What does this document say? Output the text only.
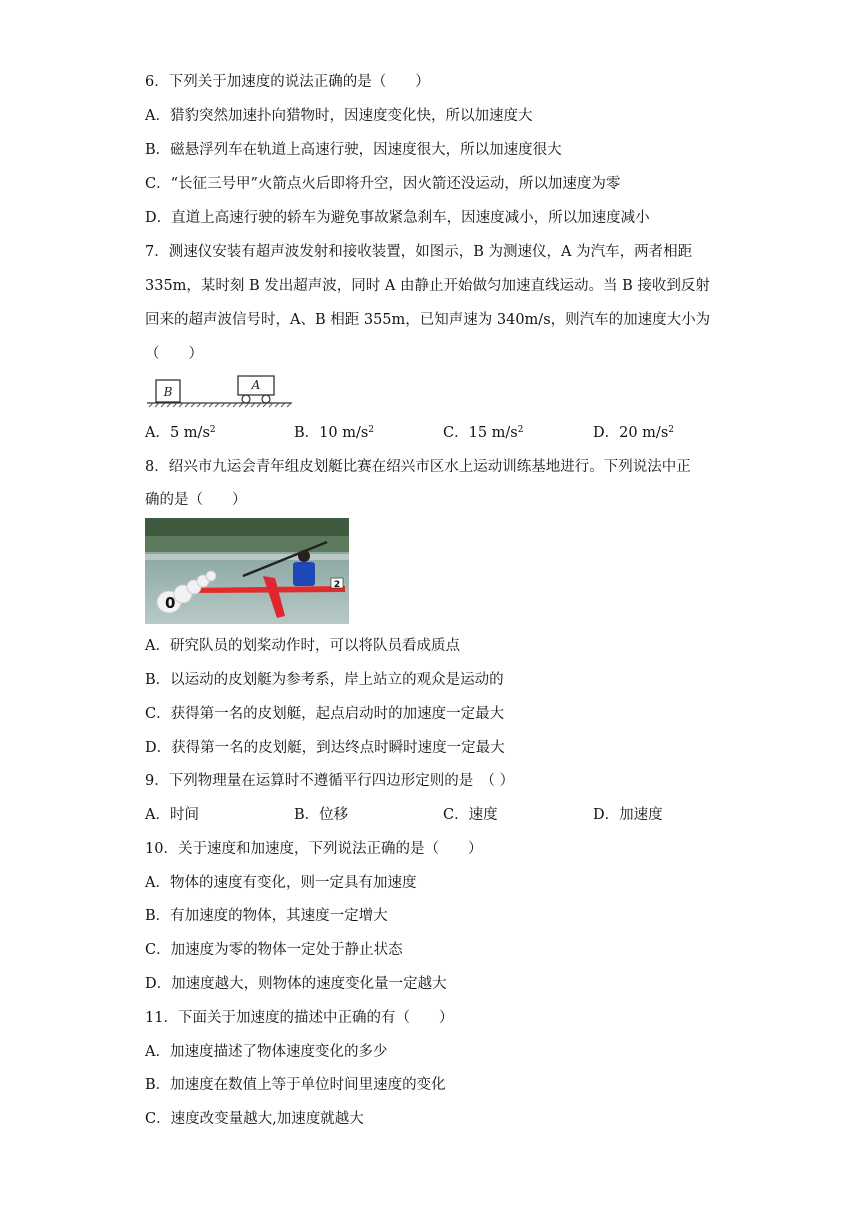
6．下列关于加速度的说法正确的是（　　）
A．猎豹突然加速扑向猎物时，因速度变化快，所以加速度大
B．磁悬浮列车在轨道上高速行驶，因速度很大，所以加速度很大
C．“长征三号甲”火箭点火后即将升空，因火箭还没运动，所以加速度为零
D．直道上高速行驶的轿车为避免事故紧急刹车，因速度减小，所以加速度减小
7．测速仪安装有超声波发射和接收装置，如图示，B 为测速仪，A 为汽车，两者相距
335m，某时刻 B 发出超声波，同时 A 由静止开始做匀加速直线运动。当 B 接收到反射
回来的超声波信号时，A、B 相距 355m，已知声速为 340m/s，则汽车的加速度大小为
（　　）
B	A
A．5 $m/s^2$	B．10 $m/s^2$	C．15 $m/s^2$	D．20 $m/s^2$
8．绍兴市九运会青年组皮划艇比赛在绍兴市区水上运动训练基地进行。下列说法中正
确的是（　　）
2
0
A．研究队员的划桨动作时，可以将队员看成质点
B．以运动的皮划艇为参考系，岸上站立的观众是运动的
C．获得第一名的皮划艇，起点启动时的加速度一定最大
D．获得第一名的皮划艇，到达终点时瞬时速度一定最大
9．下列物理量在运算时不遵循平行四边形定则的是　（ ）
A．时间	B．位移	C．速度	D．加速度
10．关于速度和加速度，下列说法正确的是（　　）
A．物体的速度有变化，则一定具有加速度
B．有加速度的物体，其速度一定增大
C．加速度为零的物体一定处于静止状态
D．加速度越大，则物体的速度变化量一定越大
11．下面关于加速度的描述中正确的有（　　）
A．加速度描述了物体速度变化的多少
B．加速度在数值上等于单位时间里速度的变化
C．速度改变量越大,加速度就越大
